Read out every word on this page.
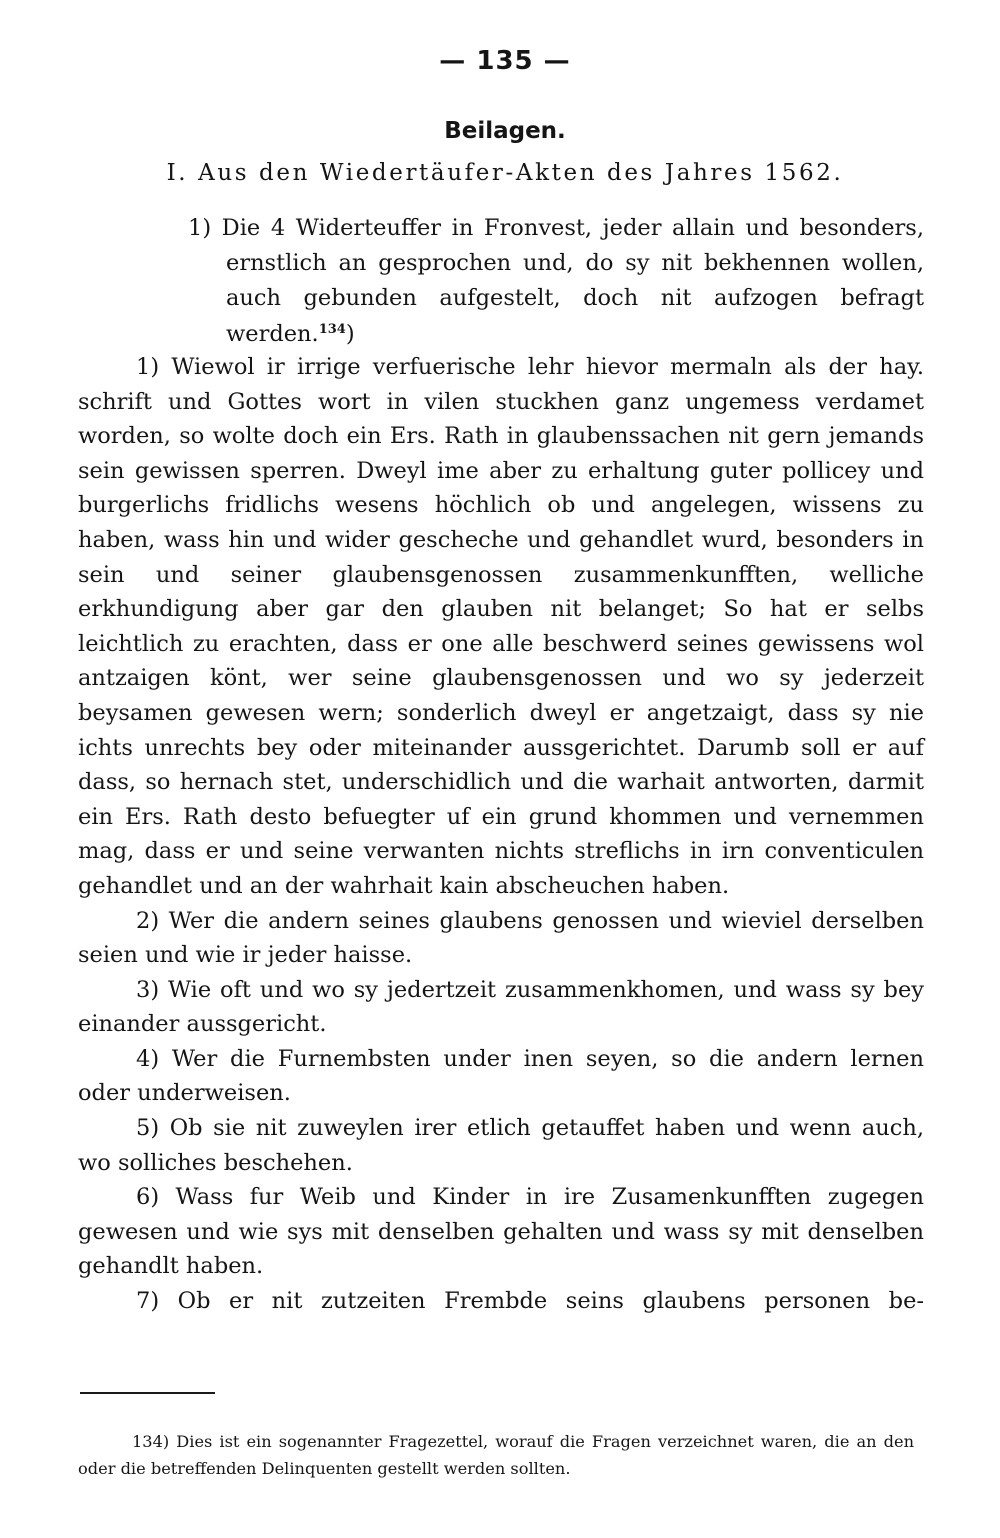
— 135 —
Beilagen.
I. Aus den Wiedertäufer-Akten des Jahres 1562.
1) Die 4 Widerteuffer in Fronvest, jeder allain und besonders, ernstlich an gesprochen und, do sy nit bekhennen wollen, auch gebunden aufgestelt, doch nit aufzogen befragt werden.$^{134}$)

1) Wiewol ir irrige verfuerische lehr hievor mermaln als der hay. schrift und Gottes wort in vilen stuckhen ganz ungemess verdamet worden, so wolte doch ein Ers. Rath in glaubenssachen nit gern jemands sein gewissen sperren. Dweyl ime aber zu erhaltung guter pollicey und burgerlichs fridlichs wesens höchlich ob und angelegen, wissens zu haben, wass hin und wider gescheche und gehandlet wurd, besonders in sein und seiner glaubensgenossen zusammenkunfften, welliche erkhundigung aber gar den glauben nit belanget; So hat er selbs leichtlich zu erachten, dass er one alle beschwerd seines gewissens wol antzaigen könt, wer seine glaubensgenossen und wo sy jederzeit beysamen gewesen wern; sonderlich dweyl er angetzaigt, dass sy nie ichts unrechts bey oder miteinander aussgerichtet. Darumb soll er auf dass, so hernach stet, underschidlich und die warhait antworten, darmit ein Ers. Rath desto befuegter uf ein grund khommen und vernemmen mag, dass er und seine verwanten nichts streflichs in irn conventiculen gehandlet und an der wahrhait kain abscheuchen haben.

2) Wer die andern seines glaubens genossen und wieviel derselben seien und wie ir jeder haisse.

3) Wie oft und wo sy jedertzeit zusammenkhomen, und wass sy bey einander aussgericht.

4) Wer die Furnembsten under inen seyen, so die andern lernen oder underweisen.

5) Ob sie nit zuweylen irer etlich getauffet haben und wenn auch, wo solliches beschehen.

6) Wass fur Weib und Kinder in ire Zusamenkunfften zugegen gewesen und wie sys mit denselben gehalten und wass sy mit denselben gehandlt haben.

7) Ob er nit zutzeiten Frembde seins glaubens personen be-

134) Dies ist ein sogenannter Fragezettel, worauf die Fragen verzeichnet waren, die an den oder die betreffenden Delinquenten gestellt werden sollten.
